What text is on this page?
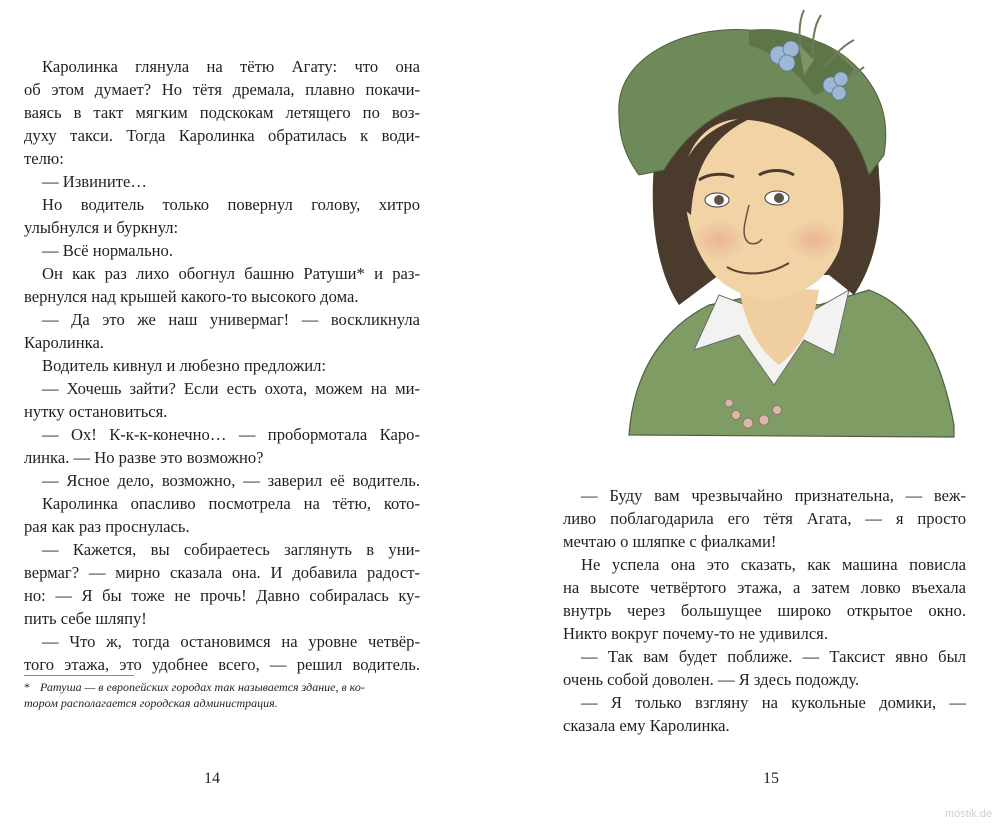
Каролинка глянула на тётю Агату: что она
об этом думает? Но тётя дремала, плавно покачи-
ваясь в такт мягким подскокам летящего по воз-
духу такси. Тогда Каролинка обратилась к води-
телю:
— Извините…
Но водитель только повернул голову, хитро
улыбнулся и буркнул:
— Всё нормально.
Он как раз лихо обогнул башню Ратуши* и раз-
вернулся над крышей какого-то высокого дома.
— Да это же наш универмаг! — воскликнула
Каролинка.
Водитель кивнул и любезно предложил:
— Хочешь зайти? Если есть охота, можем на ми-
нутку остановиться.
— Ох! К-к-к-конечно… — пробормотала Каро-
линка. — Но разве это возможно?
— Ясное дело, возможно, — заверил её водитель.
Каролинка опасливо посмотрела на тётю, кото-
рая как раз проснулась.
— Кажется, вы собираетесь заглянуть в уни-
вермаг? — мирно сказала она. И добавила радост-
но: — Я бы тоже не прочь! Давно собиралась ку-
пить себе шляпу!
— Что ж, тогда остановимся на уровне четвёр-
того этажа, это удобнее всего, — решил водитель.
* Ратуша — в европейских городах так называется здание, в ко-
тором располагается городская администрация.
14
— Буду вам чрезвычайно признательна, — веж-
ливо поблагодарила его тётя Агата, — я просто
мечтаю о шляпке с фиалками!
Не успела она это сказать, как машина повисла
на высоте четвёртого этажа, а затем ловко въехала
внутрь через большущее широко открытое окно.
Никто вокруг почему-то не удивился.
— Так вам будет поближе. — Таксист явно был
очень собой доволен. — Я здесь подожду.
— Я только взгляну на кукольные домики, —
сказала ему Каролинка.
15
mostik.de
